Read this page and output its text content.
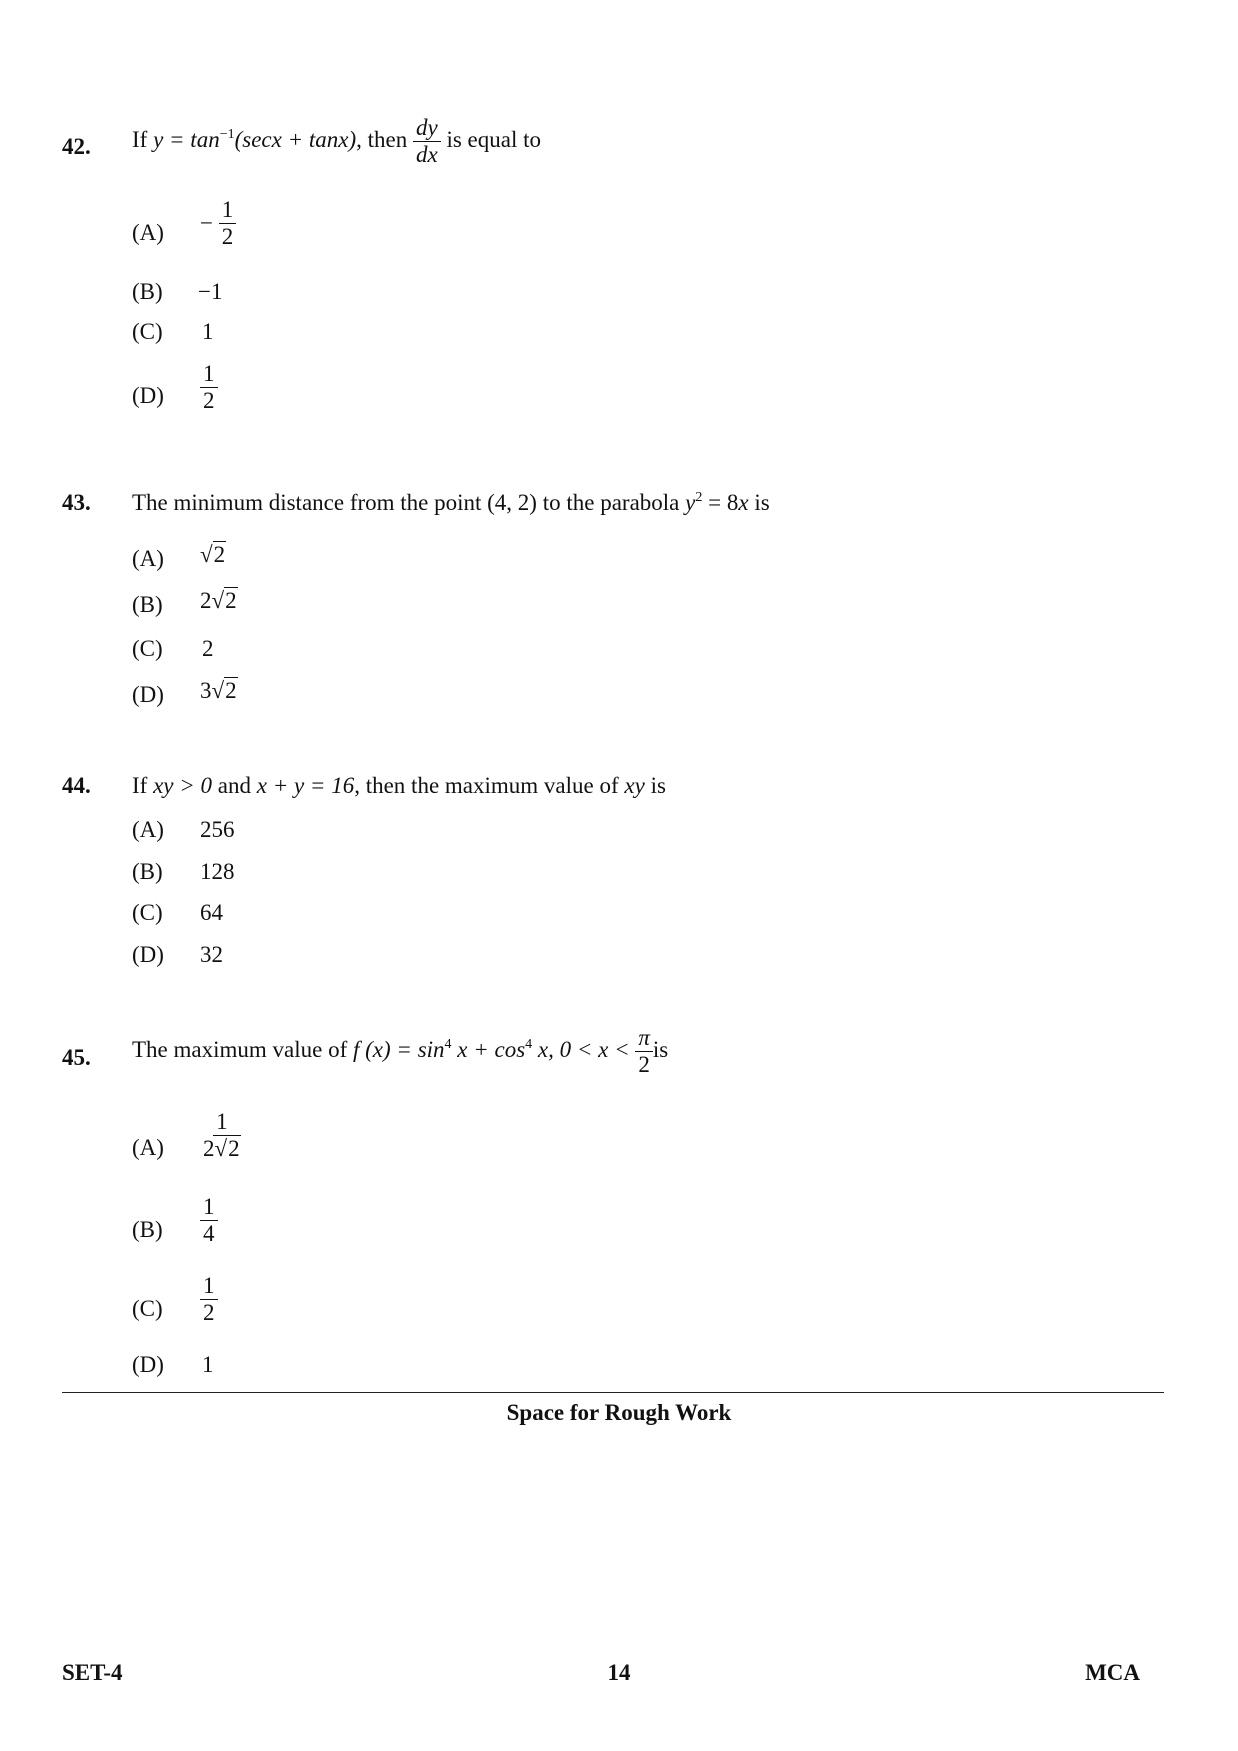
42. If $y = \tan^{-1}(\sec x + \tan x)$, then $\frac{dy}{dx}$ is equal to
$(A) - \frac{1}{2}$
(B) −1
(C) 1
$(D) \frac{1}{2}$
43. The minimum distance from the point (4, 2) to the parabola $y^2 = 8x$ is
(A) √2
(B) 2√2
(C) 2
(D) 3√2
44. If xy > 0 and x + y = 16, then the maximum value of xy is
(A) 256
(B) 128
(C) 64
(D) 32
45. The maximum value of f $(x) = \sin^4 x + \cos^4 x$, $0 < x < \frac{\pi}{2}$ is
$(A) \frac{1}{2√2}$
$(B) \frac{1}{4}$
$(C) \frac{1}{2}$
(D) 1
Space for Rough Work
SET-4	14	MCA
